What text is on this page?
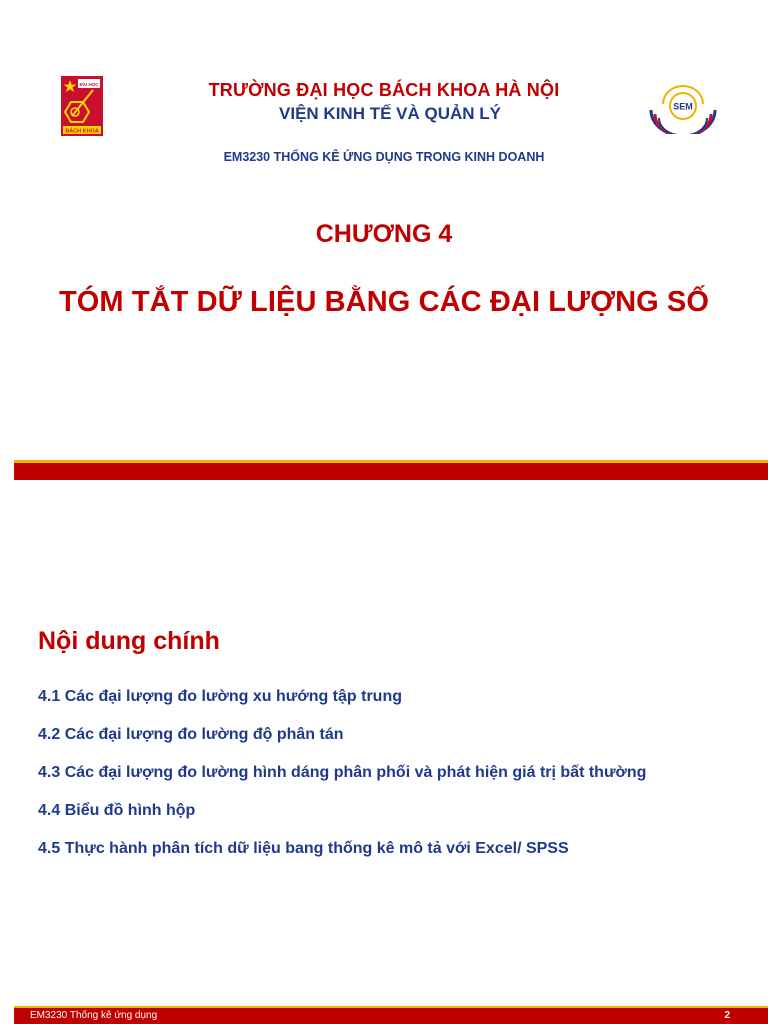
ĐẠI HỌC
BÁCH KHOA
SEM

TRƯỜNG ĐẠI HỌC BÁCH KHOA HÀ NỘI

VIỆN KINH TẾ VÀ QUẢN LÝ

EM3230 THỐNG KÊ ỨNG DỤNG TRONG KINH DOANH

CHƯƠNG 4

TÓM TẮT DỮ LIỆU BẰNG CÁC ĐẠI LƯỢNG SỐ

Nội dung chính
4.1 Các đại lượng đo lường xu hướng tập trung
4.2 Các đại lượng đo lường độ phân tán
4.3 Các đại lượng đo lường hình dáng phân phối và phát hiện giá trị bất thường
4.4 Biểu đồ hình hộp
4.5 Thực hành phân tích dữ liệu bang thống kê mô tả với Excel/ SPSS
EM3230 Thống kê ứng dụng	2
